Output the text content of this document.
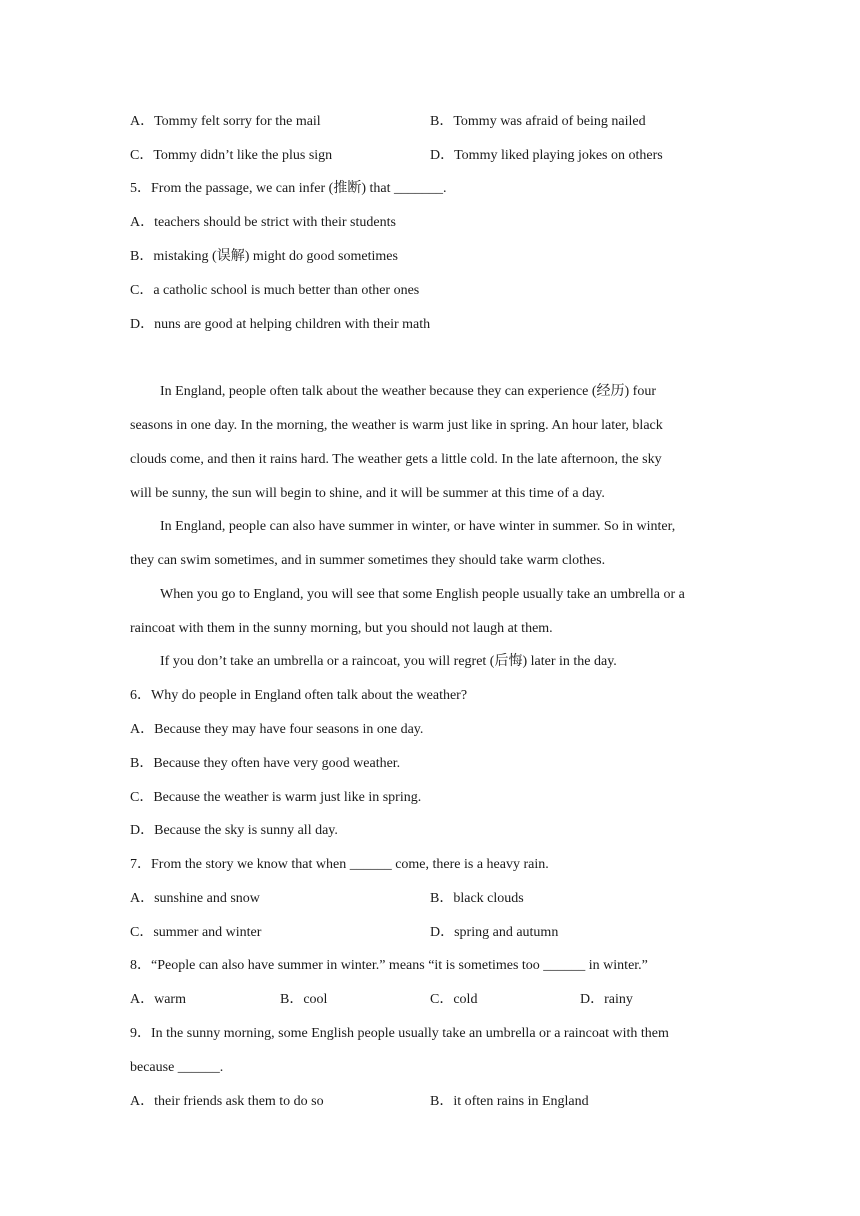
A．Tommy felt sorry for the mail	B．Tommy was afraid of being nailed
C．Tommy didn’t like the plus sign	D．Tommy liked playing jokes on others
5．From the passage, we can infer (推断) that _______.
A．teachers should be strict with their students
B．mistaking (误解) might do good sometimes
C．a catholic school is much better than other ones
D．nuns are good at helping children with their math
In England, people often talk about the weather because they can experience (经历) four
seasons in one day. In the morning, the weather is warm just like in spring. An hour later, black
clouds come, and then it rains hard. The weather gets a little cold. In the late afternoon, the sky
will be sunny, the sun will begin to shine, and it will be summer at this time of a day.
In England, people can also have summer in winter, or have winter in summer. So in winter,
they can swim sometimes, and in summer sometimes they should take warm clothes.
When you go to England, you will see that some English people usually take an umbrella or a
raincoat with them in the sunny morning, but you should not laugh at them.
If you don’t take an umbrella or a raincoat, you will regret (后悔) later in the day.
6．Why do people in England often talk about the weather?
A．Because they may have four seasons in one day.
B．Because they often have very good weather.
C．Because the weather is warm just like in spring.
D．Because the sky is sunny all day.
7．From the story we know that when ______ come, there is a heavy rain.
A．sunshine and snow	B．black clouds
C．summer and winter	D．spring and autumn
8．“People can also have summer in winter.” means “it is sometimes too ______ in winter.”
A．warm	B．cool	C．cold	D．rainy
9．In the sunny morning, some English people usually take an umbrella or a raincoat with them
because ______.
A．their friends ask them to do so	B．it often rains in England
